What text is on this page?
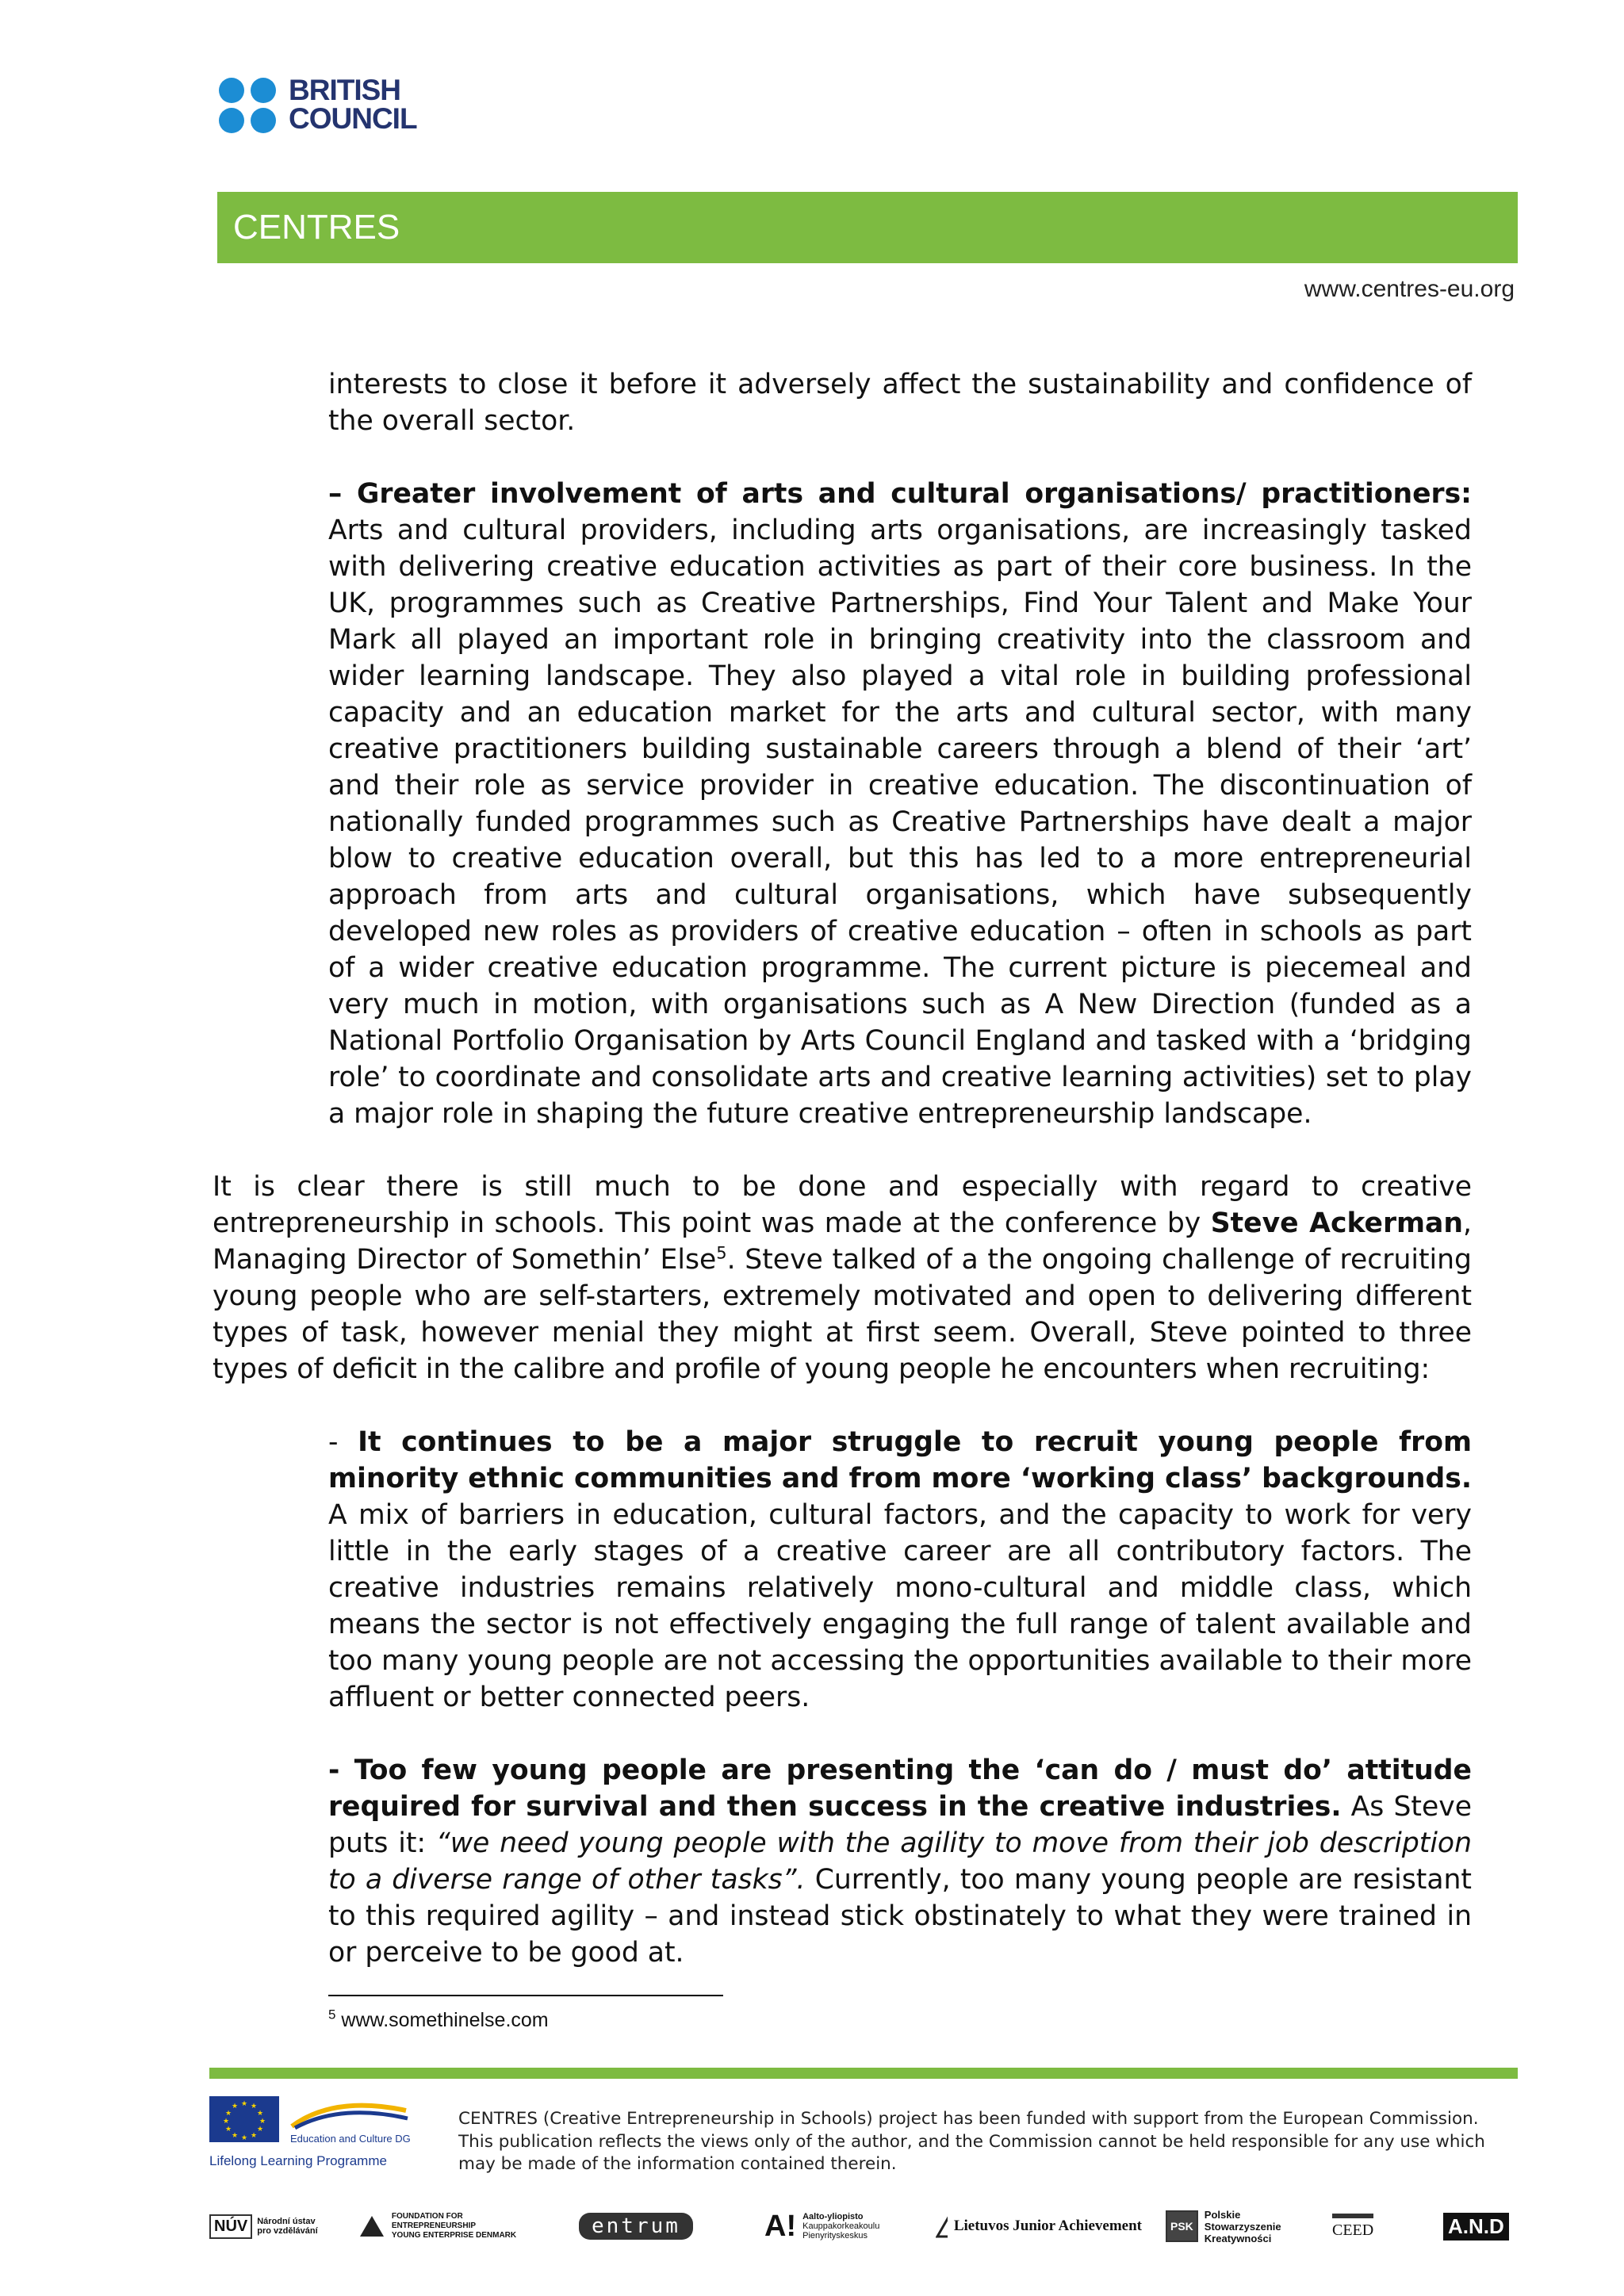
BRITISH
COUNCIL
CENTRES
www.centres-eu.org

interests to close it before it adversely affect the sustainability and confidence of the overall sector.

– Greater involvement of arts and cultural organisations/ practitioners: Arts and cultural providers, including arts organisations, are increasingly tasked with delivering creative education activities as part of their core business. In the UK, programmes such as Creative Partnerships, Find Your Talent and Make Your Mark all played an important role in bringing creativity into the classroom and wider learning landscape. They also played a vital role in building professional capacity and an education market for the arts and cultural sector, with many creative practitioners building sustainable careers through a blend of their ‘art’ and their role as service provider in creative education. The discontinuation of nationally funded programmes such as Creative Partnerships have dealt a major blow to creative education overall, but this has led to a more entrepreneurial approach from arts and cultural organisations, which have subsequently developed new roles as providers of creative education – often in schools as part of a wider creative education programme. The current picture is piecemeal and very much in motion, with organisations such as A New Direction (funded as a National Portfolio Organisation by Arts Council England and tasked with a ‘bridging role’ to coordinate and consolidate arts and creative learning activities) set to play a major role in shaping the future creative entrepreneurship landscape.

It is clear there is still much to be done and especially with regard to creative entrepreneurship in schools. This point was made at the conference by Steve Ackerman, Managing Director of Somethin’ Else$^5$. Steve talked of a the ongoing challenge of recruiting young people who are self-starters, extremely motivated and open to delivering different types of task, however menial they might at first seem. Overall, Steve pointed to three types of deficit in the calibre and profile of young people he encounters when recruiting:

- It continues to be a major struggle to recruit young people from minority ethnic communities and from more ‘working class’ backgrounds. A mix of barriers in education, cultural factors, and the capacity to work for very little in the early stages of a creative career are all contributory factors. The creative industries remains relatively mono-cultural and middle class, which means the sector is not effectively engaging the full range of talent available and too many young people are not accessing the opportunities available to their more affluent or better connected peers.

- Too few young people are presenting the ‘can do / must do’ attitude required for survival and then success in the creative industries. As Steve puts it: “we need young people with the agility to move from their job description to a diverse range of other tasks”. Currently, too many young people are resistant to this required agility – and instead stick obstinately to what they were trained in or perceive to be good at.

$^5$ www.somethinelse.com
★ ★
★
★
★
★
★
★
★
★
★
★
Education and Culture DG
Lifelong Learning Programme
CENTRES (Creative Entrepreneurship in Schools) project has been funded with support from the European Commission.
This publication reflects the views only of the author, and the Commission cannot be held responsible for any use which
may be made of the information contained therein.
NÚV	Národní ústav
pro vzdělávání
FOUNDATION FOR ENTREPRENEURSHIP
YOUNG ENTERPRISE DENMARK	entrum	A! Aalto-yliopisto
Kauppakorkeakoulu
Pienyrityskeskus
Lietuvos Junior Achievement	PSK
Polskie
Stowarzyszenie
Kreatywności	CEED	A.N.D
